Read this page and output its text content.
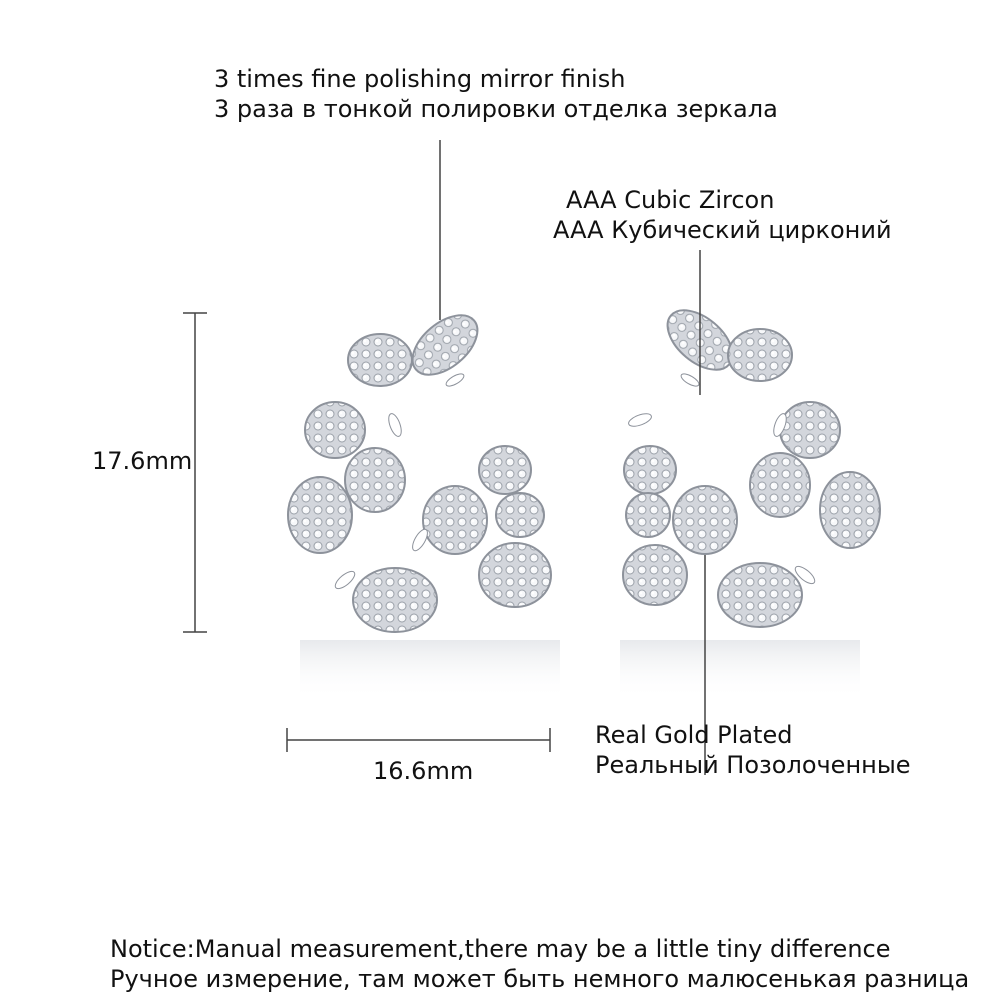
3 times fine polishing mirror finish
3 раза в тонкой полировки отделка зеркала
AAA Cubic Zircon
AAA Кубический цирконий
Real Gold Plated
Реальный Позолоченные
17.6mm
16.6mm
Notice:Manual measurement,there may be a little tiny difference
Ручное измерение, там может быть немного малюсенькая разница
